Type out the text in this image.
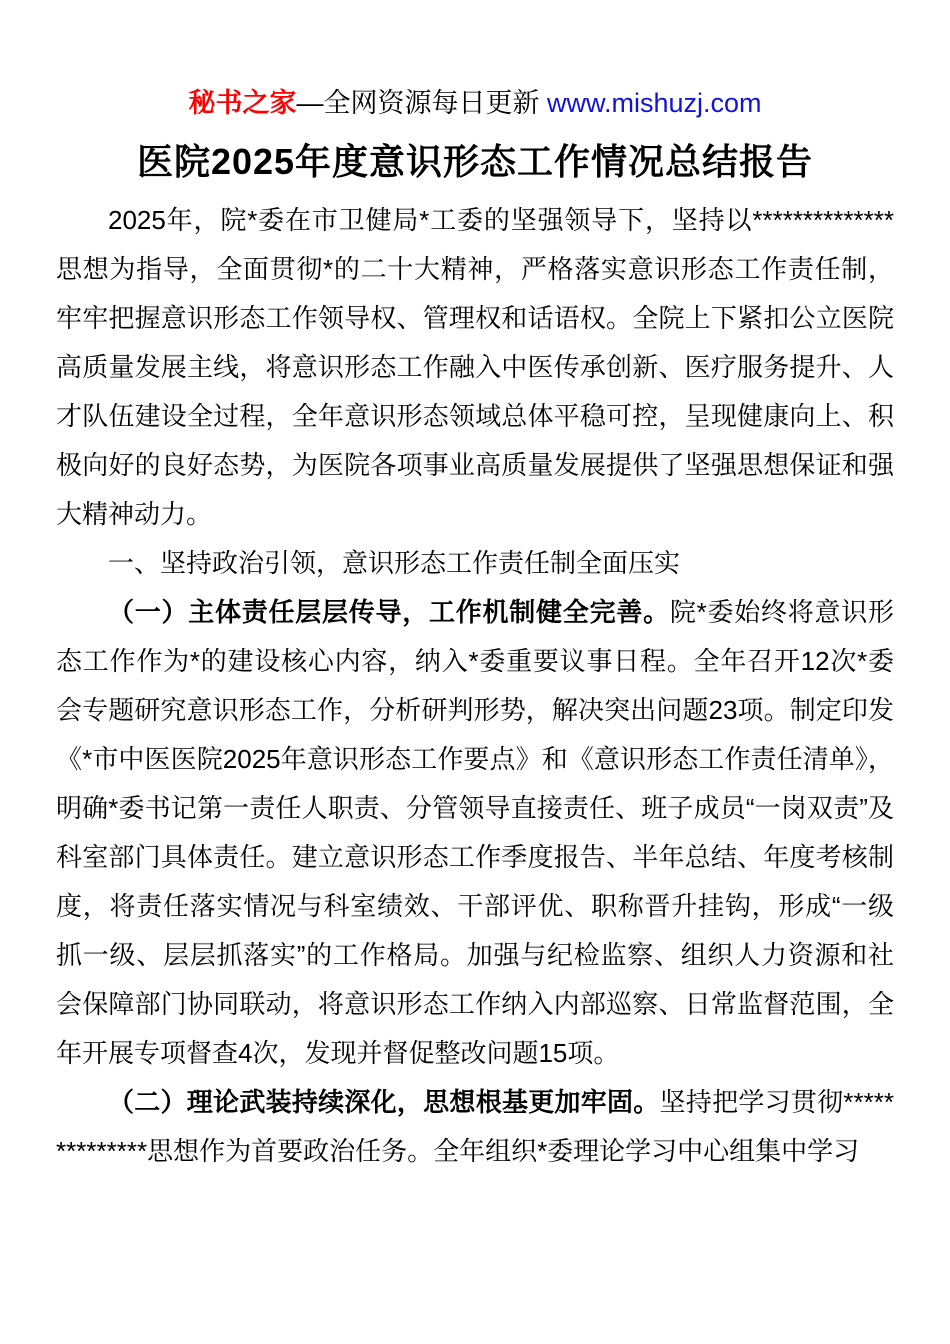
秘书之家—全网资源每日更新 www.mishuzj.com
医院2025年度意识形态工作情况总结报告

2025年，院*委在市卫健局*工委的坚强领导下，坚持以**************思想为指导，全面贯彻*的二十大精神，严格落实意识形态工作责任制，牢牢把握意识形态工作领导权、管理权和话语权。全院上下紧扣公立医院高质量发展主线，将意识形态工作融入中医传承创新、医疗服务提升、人才队伍建设全过程，全年意识形态领域总体平稳可控，呈现健康向上、积极向好的良好态势，为医院各项事业高质量发展提供了坚强思想保证和强大精神动力。

一、坚持政治引领，意识形态工作责任制全面压实

（一）主体责任层层传导，工作机制健全完善。院*委始终将意识形态工作作为*的建设核心内容，纳入*委重要议事日程。全年召开12次*委会专题研究意识形态工作，分析研判形势，解决突出问题23项。制定印发《*市中医医院2025年意识形态工作要点》和《意识形态工作责任清单》，明确*委书记第一责任人职责、分管领导直接责任、班子成员“一岗双责”及科室部门具体责任。建立意识形态工作季度报告、半年总结、年度考核制度，将责任落实情况与科室绩效、干部评优、职称晋升挂钩，形成“一级抓一级、层层抓落实”的工作格局。加强与纪检监察、组织人力资源和社会保障部门协同联动，将意识形态工作纳入内部巡察、日常监督范围，全年开展专项督查4次，发现并督促整改问题15项。

（二）理论武装持续深化，思想根基更加牢固。坚持把学习贯彻**************思想作为首要政治任务。全年组织*委理论学习中心组集中学习
